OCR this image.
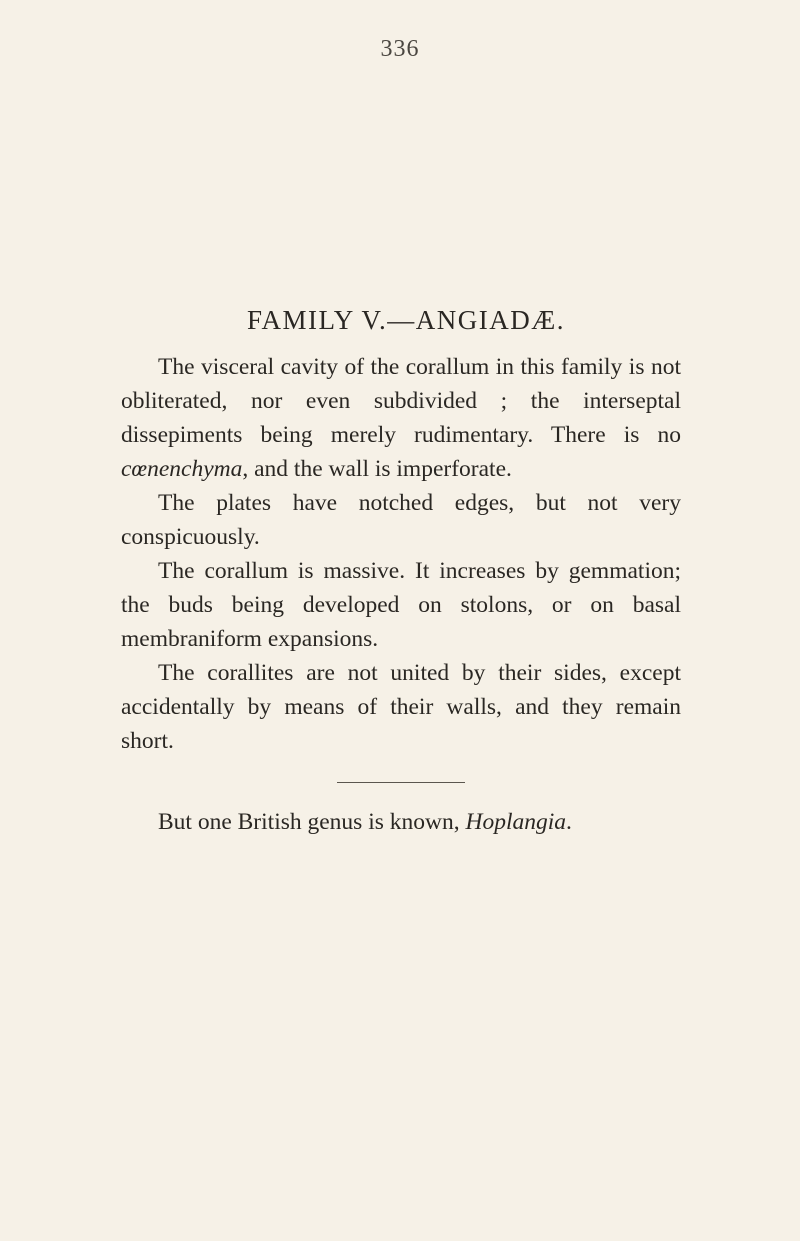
336
FAMILY V.—ANGIADÆ.

The visceral cavity of the corallum in this family is not obliterated, nor even subdivided ; the interseptal dissepiments being merely rudimentary. There is no cœnenchyma, and the wall is imperforate.

The plates have notched edges, but not very conspicuously.

The corallum is massive. It increases by gemmation; the buds being developed on stolons, or on basal membraniform expansions.

The corallites are not united by their sides, except accidentally by means of their walls, and they remain short.

But one British genus is known, Hoplangia.
